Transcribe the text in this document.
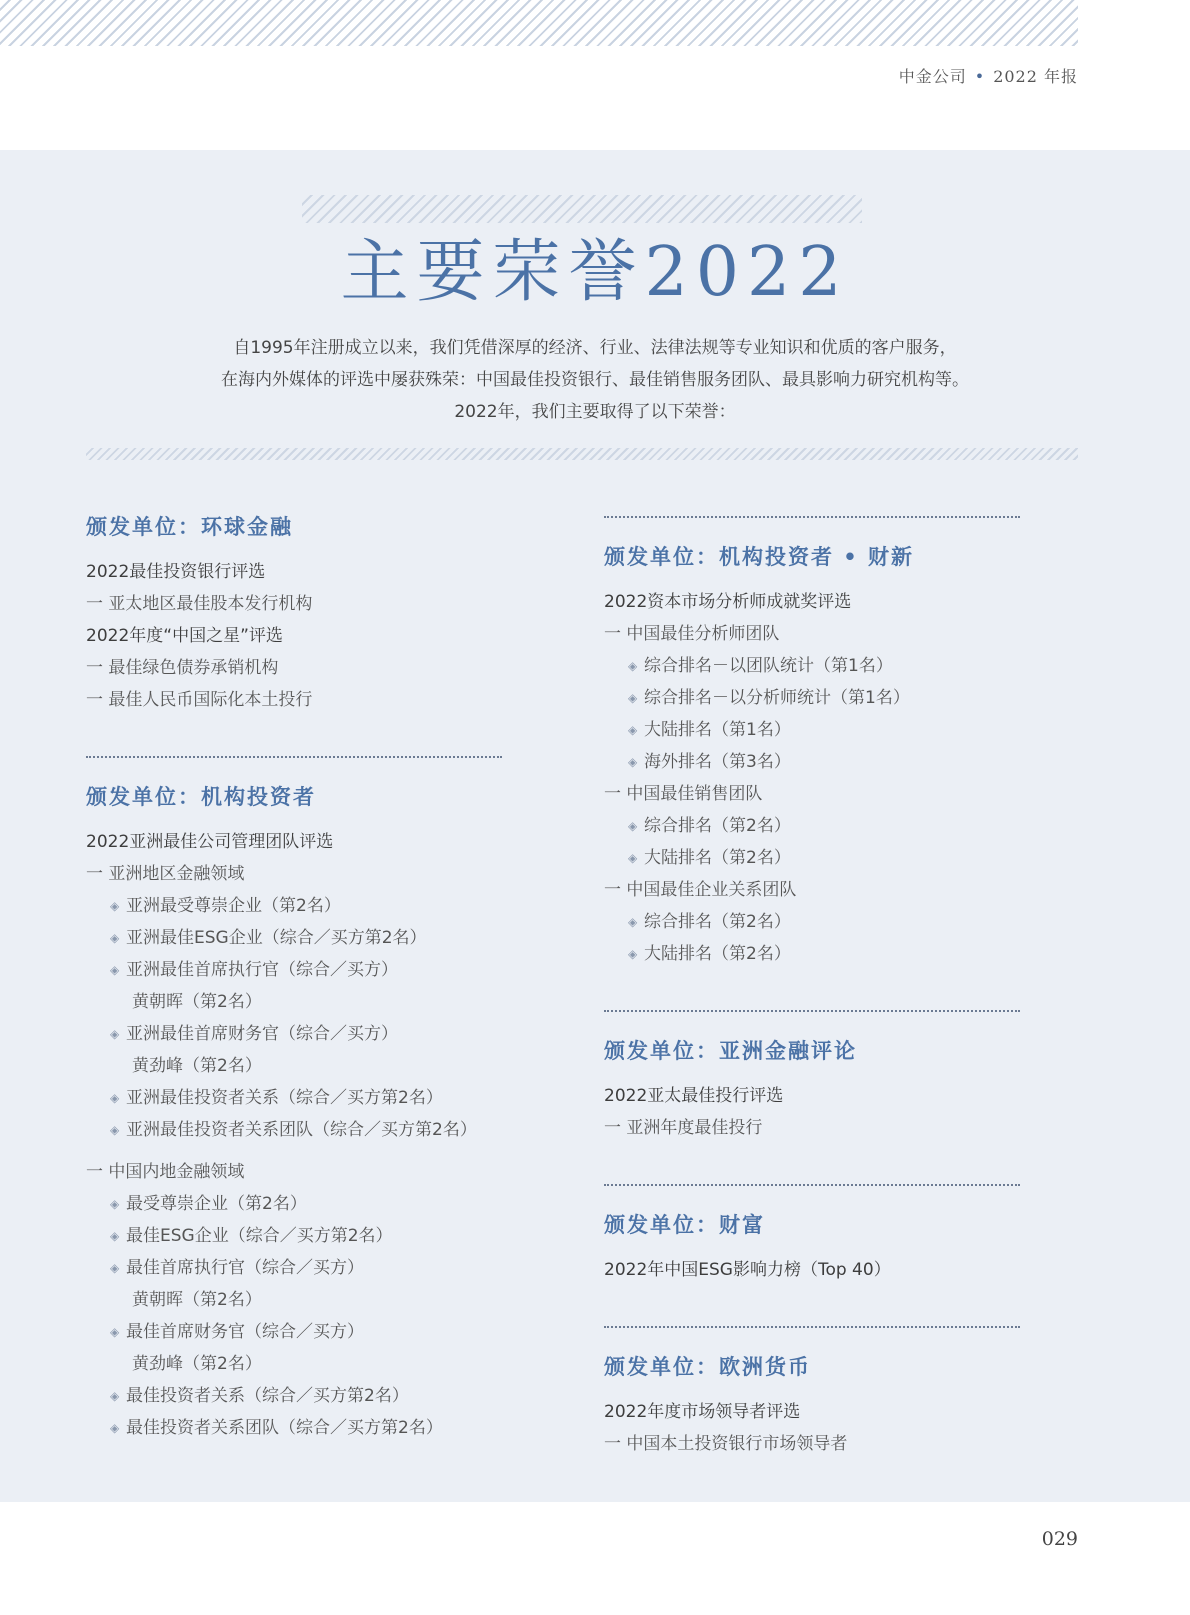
中金公司 • 2022 年报
主要荣誉2022
自1995年注册成立以来，我们凭借深厚的经济、行业、法律法规等专业知识和优质的客户服务，
在海内外媒体的评选中屡获殊荣：中国最佳投资银行、最佳销售服务团队、最具影响力研究机构等。
2022年，我们主要取得了以下荣誉：
颁发单位：环球金融
2022最佳投资银行评选
一 亚太地区最佳股本发行机构
2022年度“中国之星”评选
一 最佳绿色债券承销机构
一 最佳人民币国际化本土投行
颁发单位：机构投资者
2022亚洲最佳公司管理团队评选
一 亚洲地区金融领域
◈ 亚洲最受尊崇企业（第2名）
◈ 亚洲最佳ESG企业（综合／买方第2名）
◈ 亚洲最佳首席执行官（综合／买方）
黄朝晖（第2名）
◈ 亚洲最佳首席财务官（综合／买方）
黄劲峰（第2名）
◈ 亚洲最佳投资者关系（综合／买方第2名）
◈ 亚洲最佳投资者关系团队（综合／买方第2名）
一 中国内地金融领域
◈ 最受尊崇企业（第2名）
◈ 最佳ESG企业（综合／买方第2名）
◈ 最佳首席执行官（综合／买方）
黄朝晖（第2名）
◈ 最佳首席财务官（综合／买方）
黄劲峰（第2名）
◈ 最佳投资者关系（综合／买方第2名）
◈ 最佳投资者关系团队（综合／买方第2名）
颁发单位：机构投资者 • 财新
2022资本市场分析师成就奖评选
一 中国最佳分析师团队
◈ 综合排名－以团队统计（第1名）
◈ 综合排名－以分析师统计（第1名）
◈ 大陆排名（第1名）
◈ 海外排名（第3名）
一 中国最佳销售团队
◈ 综合排名（第2名）
◈ 大陆排名（第2名）
一 中国最佳企业关系团队
◈ 综合排名（第2名）
◈ 大陆排名（第2名）
颁发单位：亚洲金融评论
2022亚太最佳投行评选
一 亚洲年度最佳投行
颁发单位：财富
2022年中国ESG影响力榜（Top 40）
颁发单位：欧洲货币
2022年度市场领导者评选
一 中国本土投资银行市场领导者
029
